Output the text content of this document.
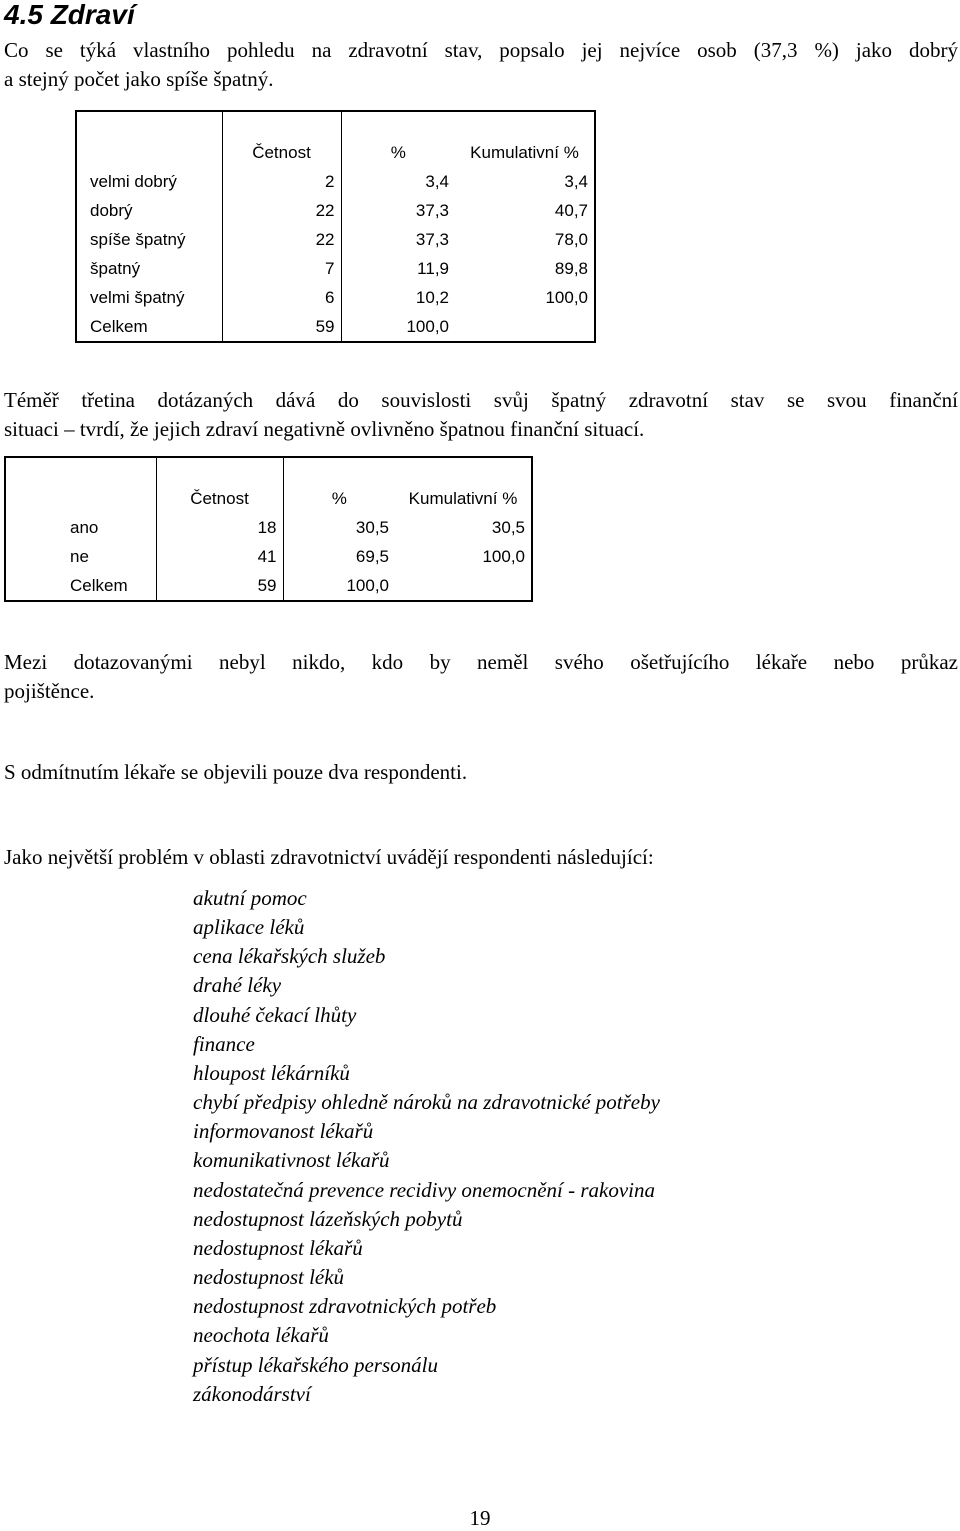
4.5 Zdraví
Co se týká vlastního pohledu na zdravotní stav, popsalo jej nejvíce osob (37,3 %) jako dobrý
a stejný počet jako spíše špatný.
	Četnost	%	Kumulativní %
velmi dobrý	2	3,4	3,4
dobrý	22	37,3	40,7
spíše špatný	22	37,3	78,0
špatný	7	11,9	89,8
velmi špatný	6	10,2	100,0
Celkem	59	100,0	
Téměř třetina dotázaných dává do souvislosti svůj špatný zdravotní stav se svou finanční
situaci – tvrdí, že jejich zdraví negativně ovlivněno špatnou finanční situací.
	Četnost	%	Kumulativní %
ano	18	30,5	30,5
ne	41	69,5	100,0
Celkem	59	100,0	
Mezi dotazovanými nebyl nikdo, kdo by neměl svého ošetřujícího lékaře nebo průkaz
pojištěnce.
S odmítnutím lékaře se objevili pouze dva respondenti.
Jako největší problém v oblasti zdravotnictví uvádějí respondenti následující:
akutní pomoc
aplikace léků
cena lékařských služeb
drahé léky
dlouhé čekací lhůty
finance
hloupost lékárníků
chybí předpisy ohledně nároků na zdravotnické potřeby
informovanost lékařů
komunikativnost lékařů
nedostatečná prevence recidivy onemocnění - rakovina
nedostupnost lázeňských pobytů
nedostupnost lékařů
nedostupnost léků
nedostupnost zdravotnických potřeb
neochota lékařů
přístup lékařského personálu
zákonodárství
19
